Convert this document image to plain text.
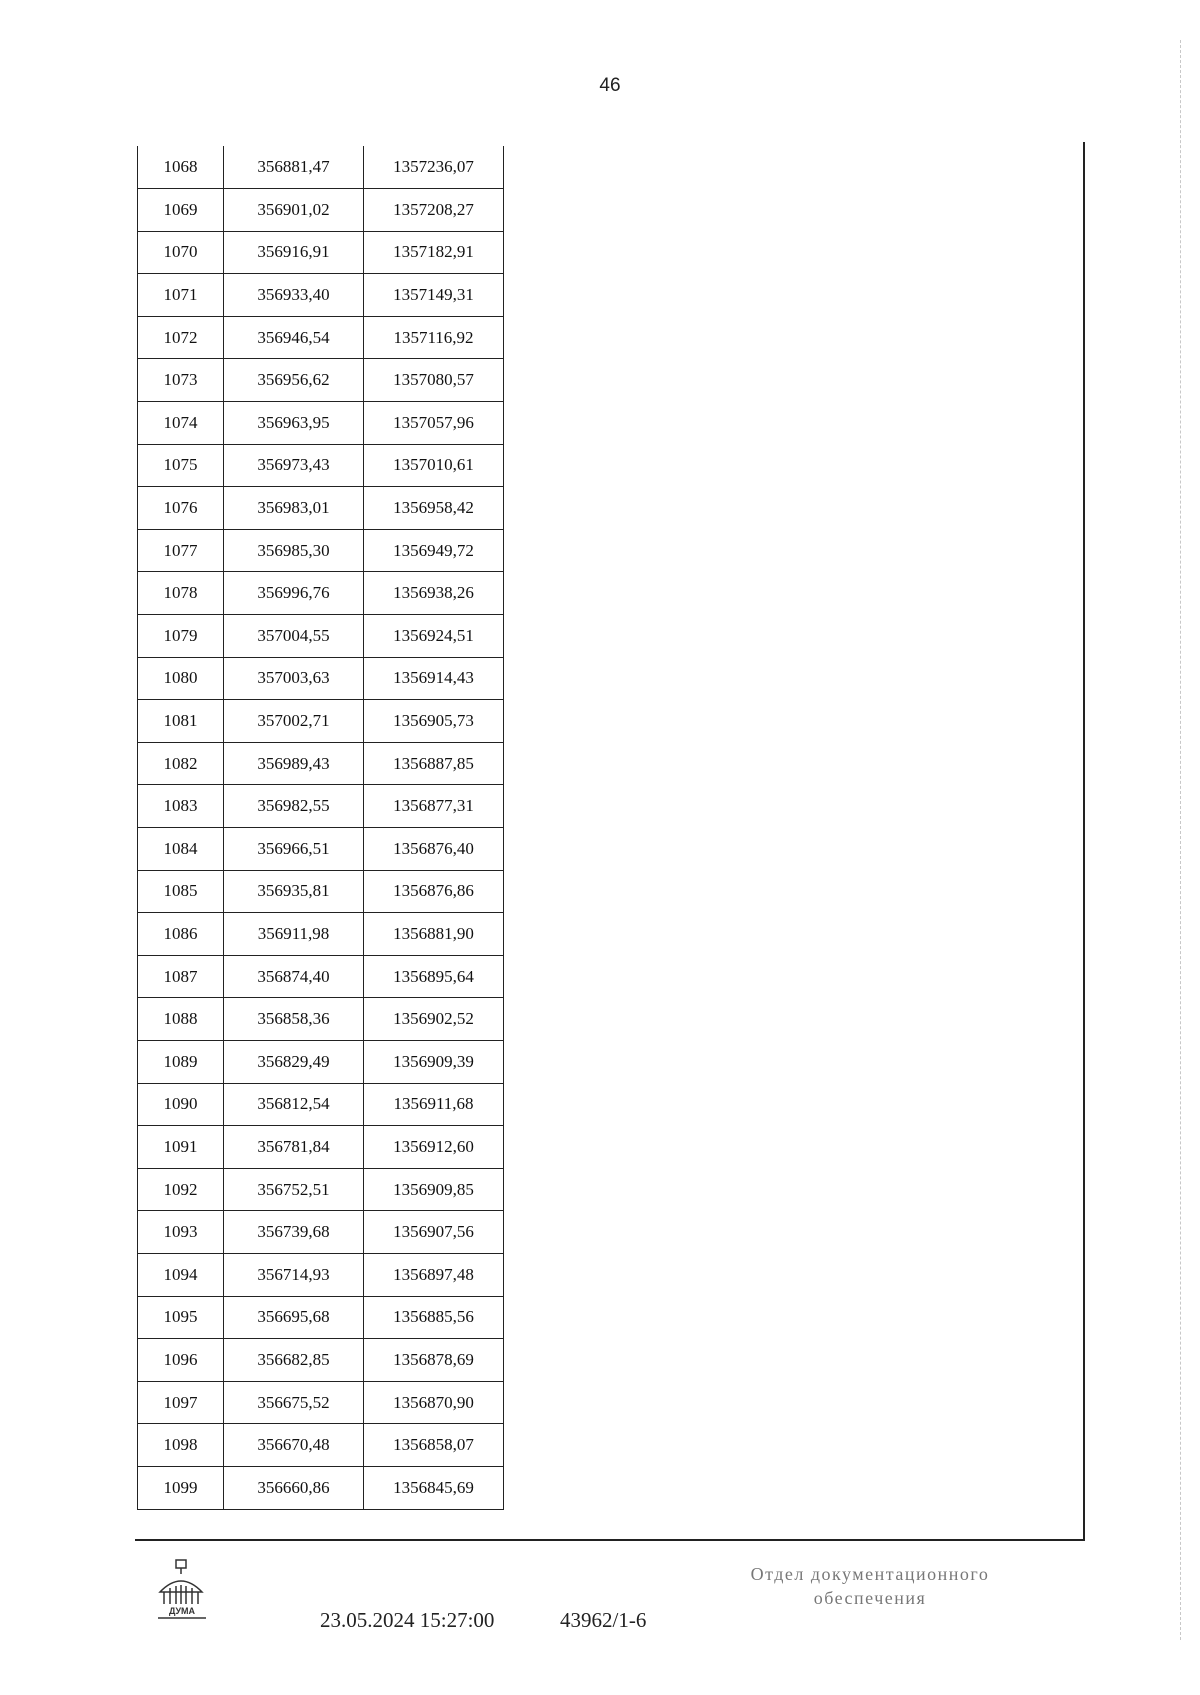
46
1068	356881,47	1357236,07
1069	356901,02	1357208,27
1070	356916,91	1357182,91
1071	356933,40	1357149,31
1072	356946,54	1357116,92
1073	356956,62	1357080,57
1074	356963,95	1357057,96
1075	356973,43	1357010,61
1076	356983,01	1356958,42
1077	356985,30	1356949,72
1078	356996,76	1356938,26
1079	357004,55	1356924,51
1080	357003,63	1356914,43
1081	357002,71	1356905,73
1082	356989,43	1356887,85
1083	356982,55	1356877,31
1084	356966,51	1356876,40
1085	356935,81	1356876,86
1086	356911,98	1356881,90
1087	356874,40	1356895,64
1088	356858,36	1356902,52
1089	356829,49	1356909,39
1090	356812,54	1356911,68
1091	356781,84	1356912,60
1092	356752,51	1356909,85
1093	356739,68	1356907,56
1094	356714,93	1356897,48
1095	356695,68	1356885,56
1096	356682,85	1356878,69
1097	356675,52	1356870,90
1098	356670,48	1356858,07
1099	356660,86	1356845,69
ДУМА	23.05.2024 15:27:00	43962/1-6
Отдел документационного
обеспечения
